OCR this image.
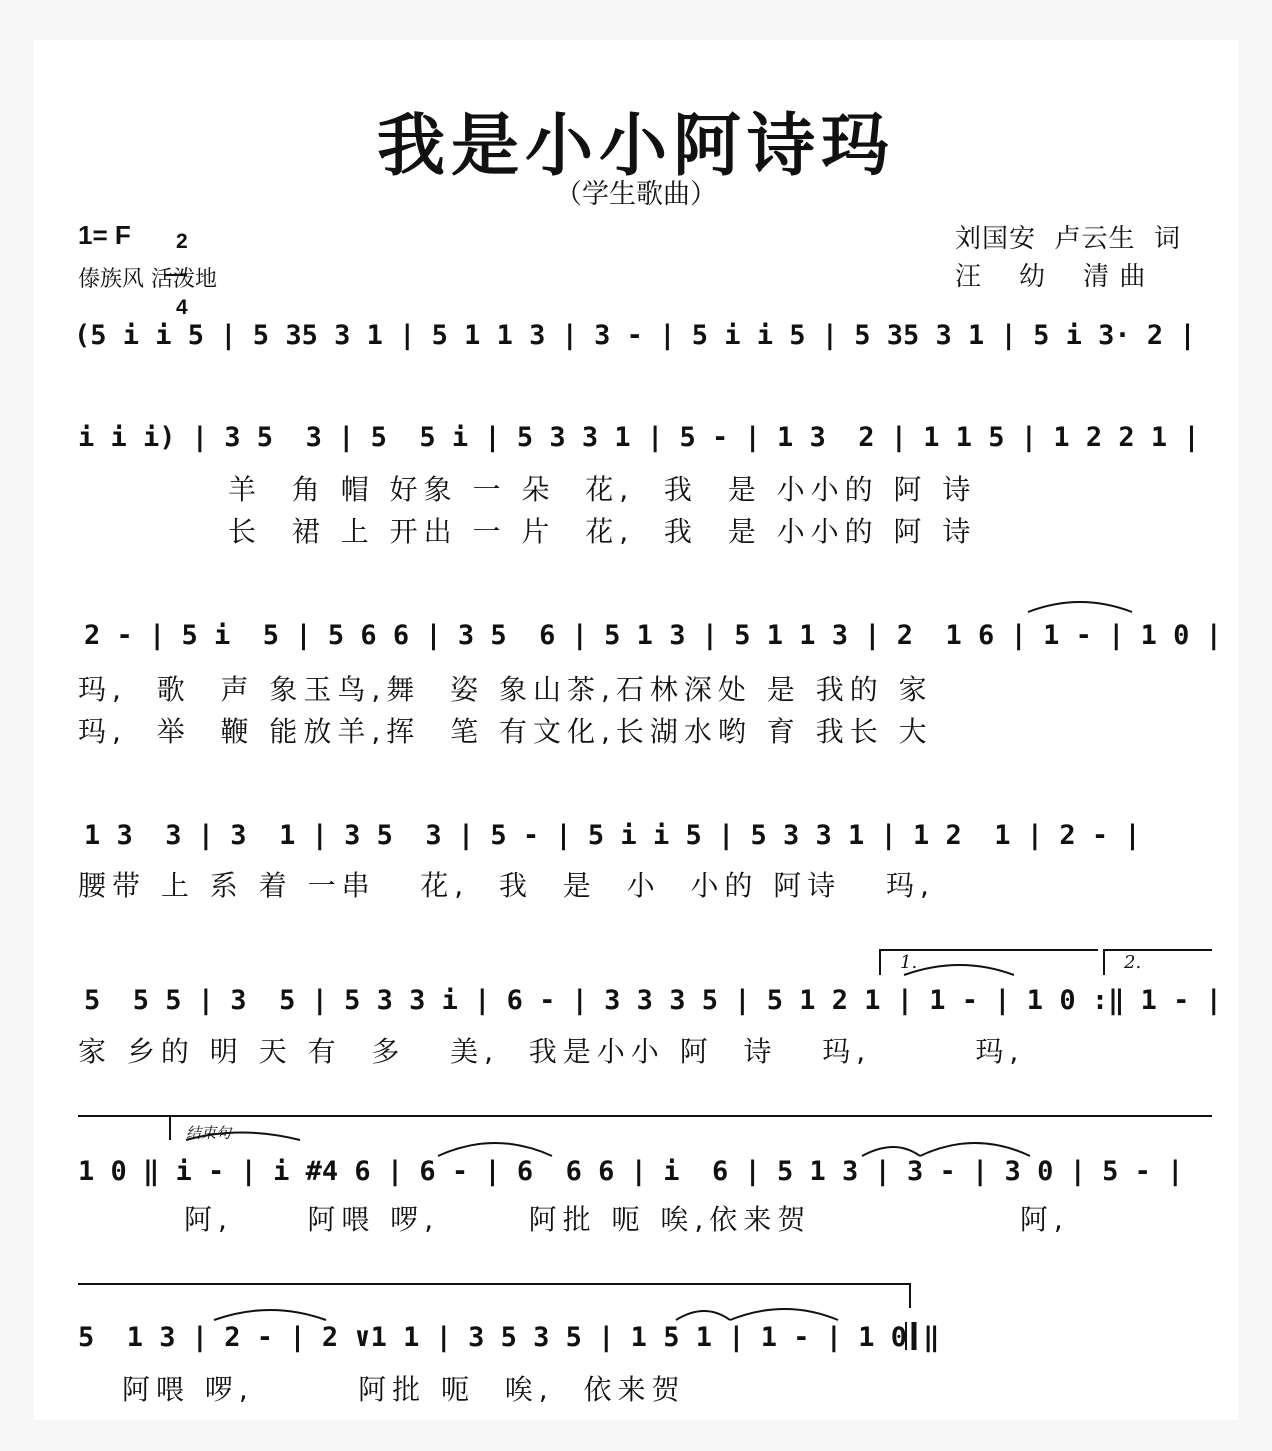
我是小小阿诗玛
（学生歌曲）
1= F	2

4

傣族风 活泼地
刘国安  卢云生  词
汪    幼    清 曲
(5 i i 5 | 5 35 3 1 | 5 1 1 3 | 3 - | 5 i i 5 | 5 35 3 1 | 5 i 3· 2 |
i i i) | 3 5  3 | 5  5 i | 5 3 3 1 | 5 - | 1 3  2 | 1 1 5 | 1 2 2 1 |
羊  角 帽 好象 一 朵  花,  我  是 小小的 阿 诗
长  裙 上 开出 一 片  花,  我  是 小小的 阿 诗
2 - | 5 i  5 | 5 6 6 | 3 5  6 | 5 1 3 | 5 1 1 3 | 2  1 6 | 1 - | 1 0 |
玛,  歌  声 象玉鸟,舞  姿 象山茶,石林深处 是 我的 家
玛,  举  鞭 能放羊,挥  笔 有文化,长湖水哟 育 我长 大
1 3  3 | 3  1 | 3 5  3 | 5 - | 5 i i 5 | 5 3 3 1 | 1 2  1 | 2 - |
腰带 上 系 着 一串   花,  我  是  小  小的 阿诗   玛,
1.	2.
5  5 5 | 3  5 | 5 3 3 i | 6 - | 3 3 3 5 | 5 1 2 1 | 1 - | 1 0 :‖ 1 - |
家 乡的 明 天 有  多   美,  我是小小 阿  诗   玛,       玛,
结束句
1 0 ‖ i - | i #4 6 | 6 - | 6  6 6 | i  6 | 5 1 3 | 3 - | 3 0 | 5 - |
阿,     阿喂 啰,      阿批 呃 唉,依来贺              阿,
5  1 3 | 2 - | 2 ∨1 1 | 3 5 3 5 | 1 5 1 | 1 - | 1 0 ‖
阿喂 啰,       阿批 呃  唉,  依来贺
